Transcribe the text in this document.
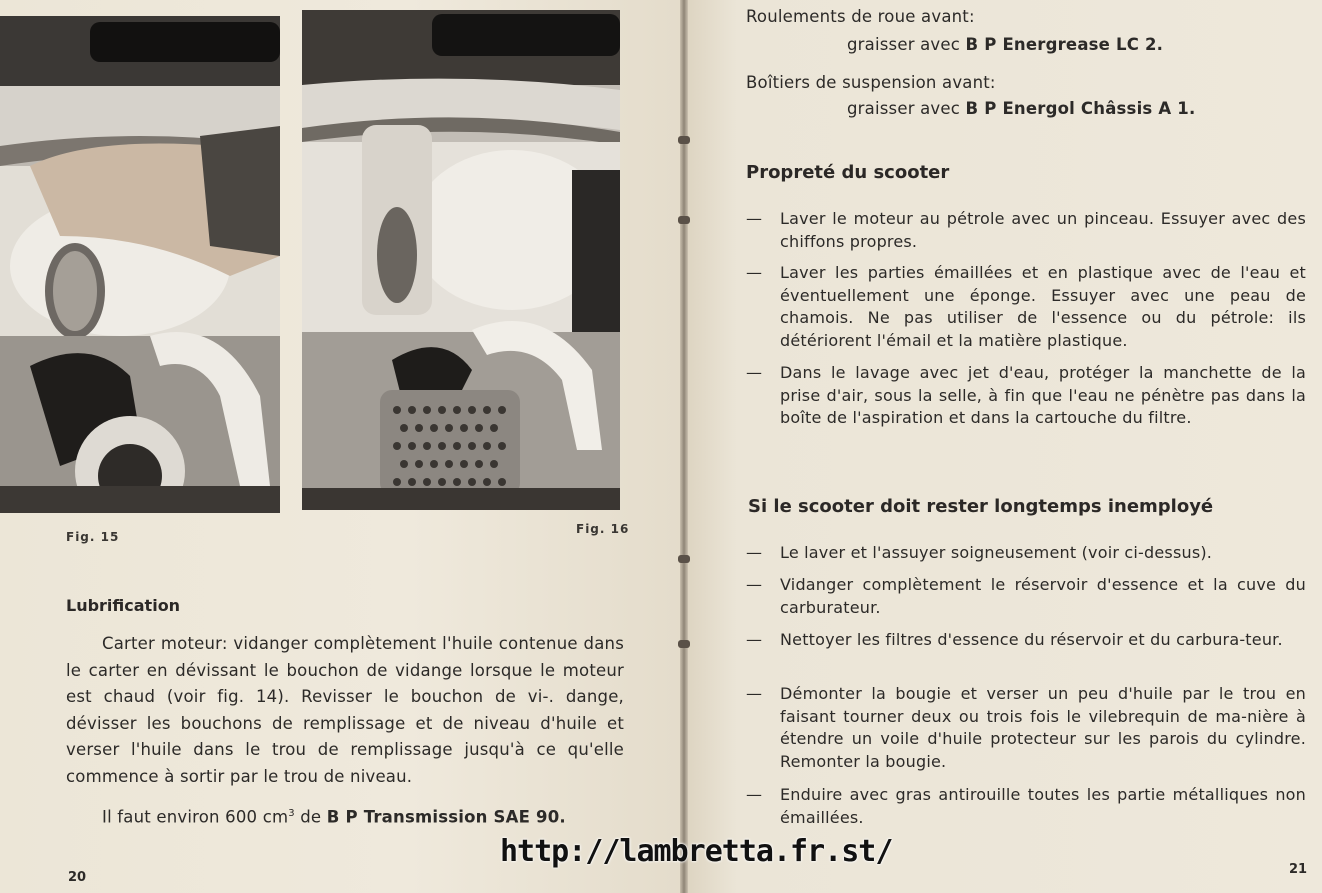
Fig. 15
Fig. 16
Lubrification
Carter moteur: vidanger complètement l'huile contenue dans le carter en dévissant le bouchon de vidange lorsque le moteur est chaud (voir fig. 14). Revisser le bouchon de vi-. dange, dévisser les bouchons de remplissage et de niveau d'huile et verser l'huile dans le trou de remplissage jusqu'à ce qu'elle commence à sortir par le trou de niveau.
Il faut environ 600 $cm^3$ de B P Transmission SAE 90.
20
Roulements de roue avant:
graisser avec B P Energrease LC 2.
Boîtiers de suspension avant:
graisser avec B P Energol Châssis A 1.
Propreté du scooter
—	Laver le moteur au pétrole avec un pinceau. Essuyer avec des chiffons propres.
—	Laver les parties émaillées et en plastique avec de l'eau et éventuellement une éponge. Essuyer avec une peau de chamois. Ne pas utiliser de l'essence ou du pétrole: ils détériorent l'émail et la matière plastique.
—	Dans le lavage avec jet d'eau, protéger la manchette de la prise d'air, sous la selle, à fin que l'eau ne pénètre pas dans la boîte de l'aspiration et dans la cartouche du filtre.
Si le scooter doit rester longtemps inemployé
—	Le laver et l'assuyer soigneusement (voir ci-dessus).
—	Vidanger complètement le réservoir d'essence et la cuve du carburateur.
—	Nettoyer les filtres d'essence du réservoir et du carbura-teur.
—	Démonter la bougie et verser un peu d'huile par le trou en faisant tourner deux ou trois fois le vilebrequin de ma-nière à étendre un voile d'huile protecteur sur les parois du cylindre. Remonter la bougie.
—	Enduire avec gras antirouille toutes les partie métalliques non émaillées.
21
http://lambretta.fr.st/
